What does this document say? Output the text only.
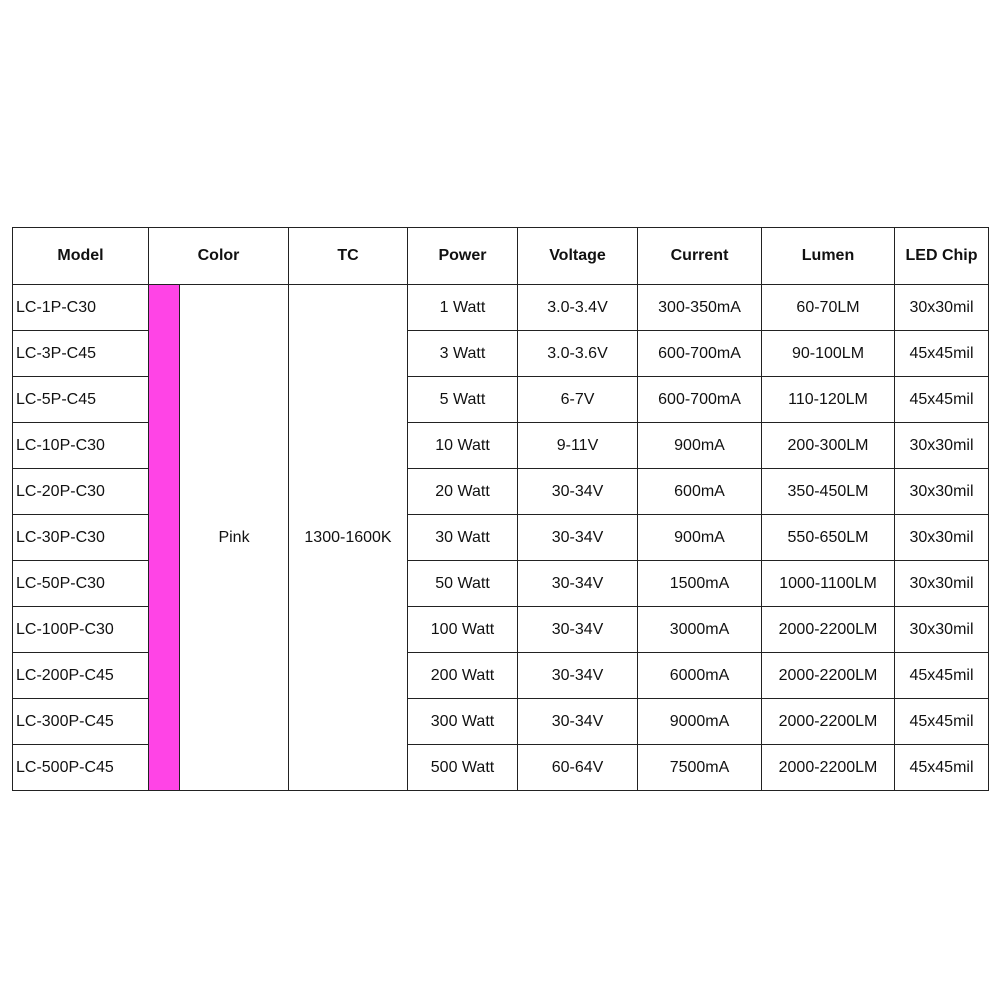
Model	Color		TC	Power	Voltage	Current	Lumen	LED Chip
LC-1P-C30		Pink	1300-1600K	1 Watt	3.0-3.4V	300-350mA	60-70LM	30x30mil
LC-3P-C45				3 Watt	3.0-3.6V	600-700mA	90-100LM	45x45mil
LC-5P-C45				5 Watt	6-7V	600-700mA	110-120LM	45x45mil
LC-10P-C30				10 Watt	9-11V	900mA	200-300LM	30x30mil
LC-20P-C30				20 Watt	30-34V	600mA	350-450LM	30x30mil
LC-30P-C30				30 Watt	30-34V	900mA	550-650LM	30x30mil
LC-50P-C30				50 Watt	30-34V	1500mA	1000-1100LM	30x30mil
LC-100P-C30				100 Watt	30-34V	3000mA	2000-2200LM	30x30mil
LC-200P-C45				200 Watt	30-34V	6000mA	2000-2200LM	45x45mil
LC-300P-C45				300 Watt	30-34V	9000mA	2000-2200LM	45x45mil
LC-500P-C45				500 Watt	60-64V	7500mA	2000-2200LM	45x45mil
